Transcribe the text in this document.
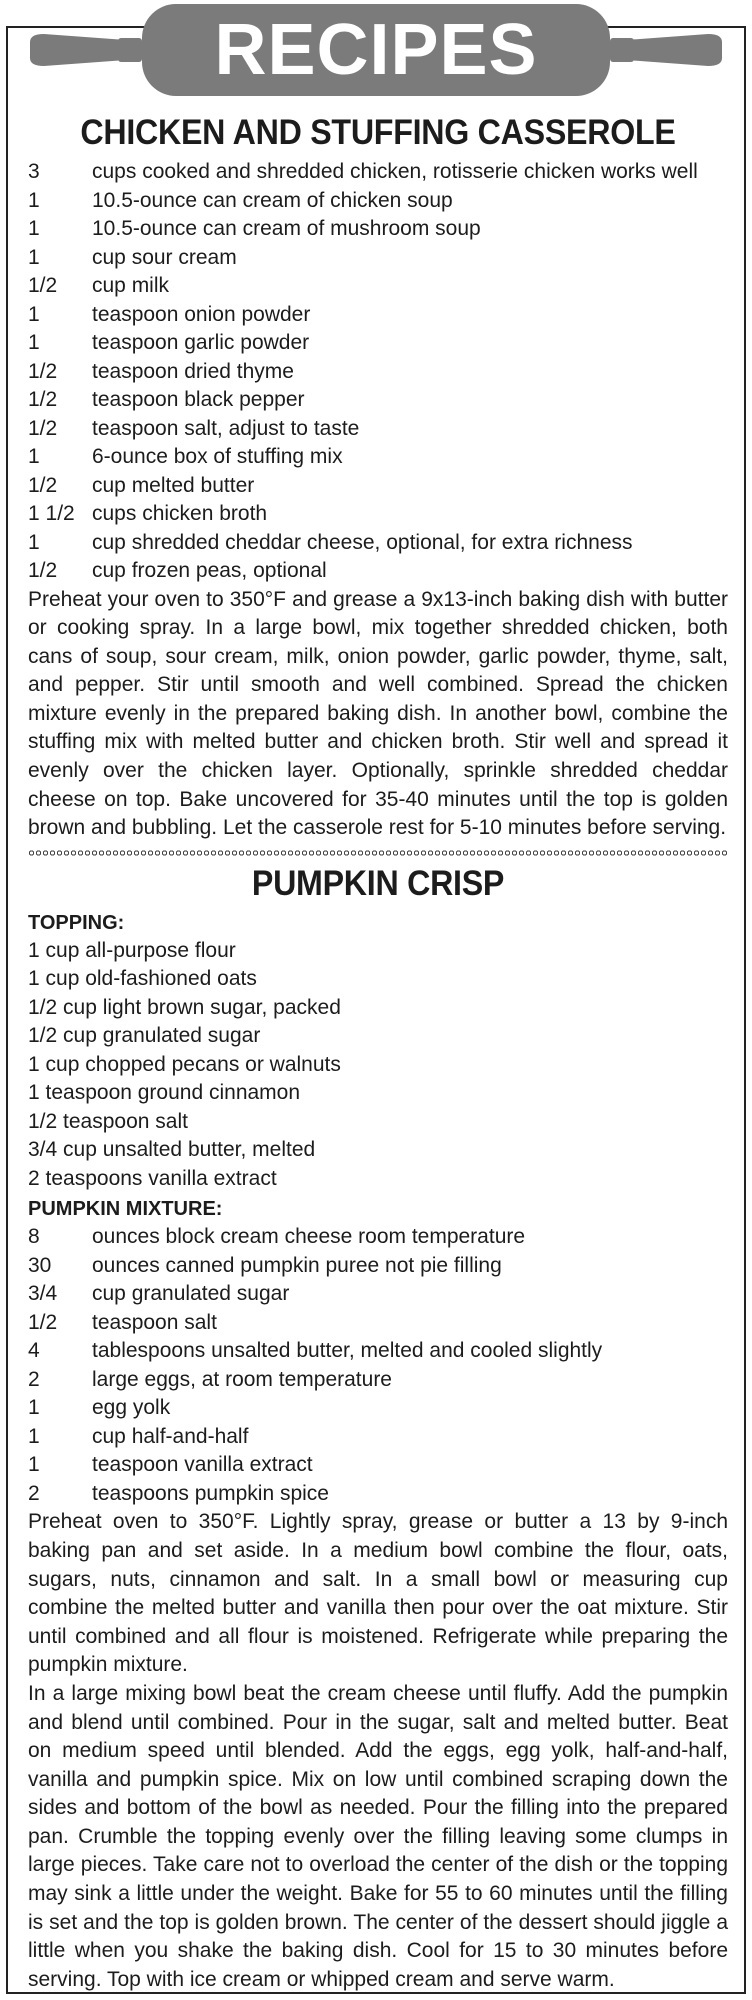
RECIPES
CHICKEN AND STUFFING CASSEROLE
3	cups cooked and shredded chicken, rotisserie chicken works well
1	10.5-ounce can cream of chicken soup
1	10.5-ounce can cream of mushroom soup
1	cup sour cream
1/2	cup milk
1	teaspoon onion powder
1	teaspoon garlic powder
1/2	teaspoon dried thyme
1/2	teaspoon black pepper
1/2	teaspoon salt, adjust to taste
1	6-ounce box of stuffing mix
1/2	cup melted butter
1 1/2 cups chicken broth
1	cup shredded cheddar cheese, optional, for extra richness
1/2	cup frozen peas, optional

Preheat your oven to 350°F and grease a 9x13-inch baking dish with butter or cooking spray. In a large bowl, mix together shredded chicken, both cans of soup, sour cream, milk, onion powder, garlic powder, thyme, salt, and pepper. Stir until smooth and well combined. Spread the chicken mixture evenly in the prepared baking dish. In another bowl, combine the stuffing mix with melted butter and chicken broth. Stir well and spread it evenly over the chicken layer. Optionally, sprinkle shredded cheddar cheese on top. Bake uncovered for 35-40 minutes until the top is golden brown and bubbling. Let the casserole rest for 5-10 minutes before serving.

PUMPKIN CRISP
TOPPING:
1 cup all-purpose flour
1 cup old-fashioned oats
1/2 cup light brown sugar, packed
1/2 cup granulated sugar
1 cup chopped pecans or walnuts
1 teaspoon ground cinnamon
1/2 teaspoon salt
3/4 cup unsalted butter, melted
2 teaspoons vanilla extract
PUMPKIN MIXTURE:
8	ounces block cream cheese room temperature
30	ounces canned pumpkin puree not pie filling
3/4	cup granulated sugar
1/2	teaspoon salt
4	tablespoons unsalted butter, melted and cooled slightly
2	large eggs, at room temperature
1	egg yolk
1	cup half-and-half
1	teaspoon vanilla extract
2	teaspoons pumpkin spice

Preheat oven to 350°F. Lightly spray, grease or butter a 13 by 9-inch baking pan and set aside. In a medium bowl combine the flour, oats, sugars, nuts, cinnamon and salt. In a small bowl or measuring cup combine the melted butter and vanilla then pour over the oat mixture. Stir until combined and all flour is moistened. Refrigerate while preparing the pumpkin mixture.

In a large mixing bowl beat the cream cheese until fluffy. Add the pumpkin and blend until combined. Pour in the sugar, salt and melted butter. Beat on medium speed until blended. Add the eggs, egg yolk, half-and-half, vanilla and pumpkin spice. Mix on low until combined scraping down the sides and bottom of the bowl as needed. Pour the filling into the prepared pan. Crumble the topping evenly over the filling leaving some clumps in large pieces. Take care not to overload the center of the dish or the topping may sink a little under the weight. Bake for 55 to 60 minutes until the filling is set and the top is golden brown. The center of the dessert should jiggle a little when you shake the baking dish. Cool for 15 to 30 minutes before serving. Top with ice cream or whipped cream and serve warm.
